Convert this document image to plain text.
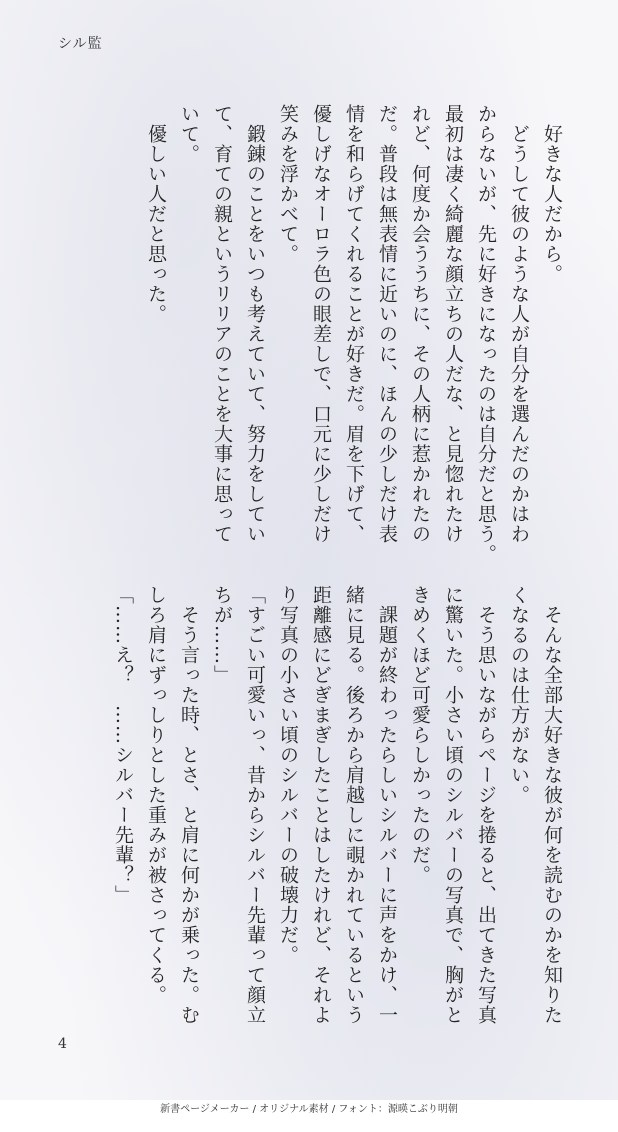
シル監

　好きな人だから。

　どうして彼のような人が自分を選んだのかはわ

からないが、先に好きになったのは自分だと思う。

最初は凄く綺麗な顔立ちの人だな、と見惚れたけ

れど、何度か会ううちに、その人柄に惹かれたの

だ。普段は無表情に近いのに、ほんの少しだけ表

情を和らげてくれることが好きだ。眉を下げて、

優しげなオーロラ色の眼差しで、口元に少しだけ

笑みを浮かべて。

　鍛錬のことをいつも考えていて、努力をしてい

て、育ての親というリリアのことを大事に思って

いて。

　優しい人だと思った。

　そんな全部大好きな彼が何を読むのかを知りた

くなるのは仕方がない。

　そう思いながらページを捲ると、出てきた写真

に驚いた。小さい頃のシルバーの写真で、胸がと

きめくほど可愛らしかったのだ。

　課題が終わったらしいシルバーに声をかけ、一

緒に見る。後ろから肩越しに覗かれているという

距離感にどぎまぎしたことはしたけれど、それよ

り写真の小さい頃のシルバーの破壊力だ。

「すごい可愛いっ、昔からシルバー先輩って顔立

ちが……」

　そう言った時、とさ、と肩に何かが乗った。む

しろ肩にずっしりとした重みが被さってくる。

「……え？　……シルバー先輩？」

4
新書ページメーカー / オリジナル素材 / フォント：源暎こぶり明朝
